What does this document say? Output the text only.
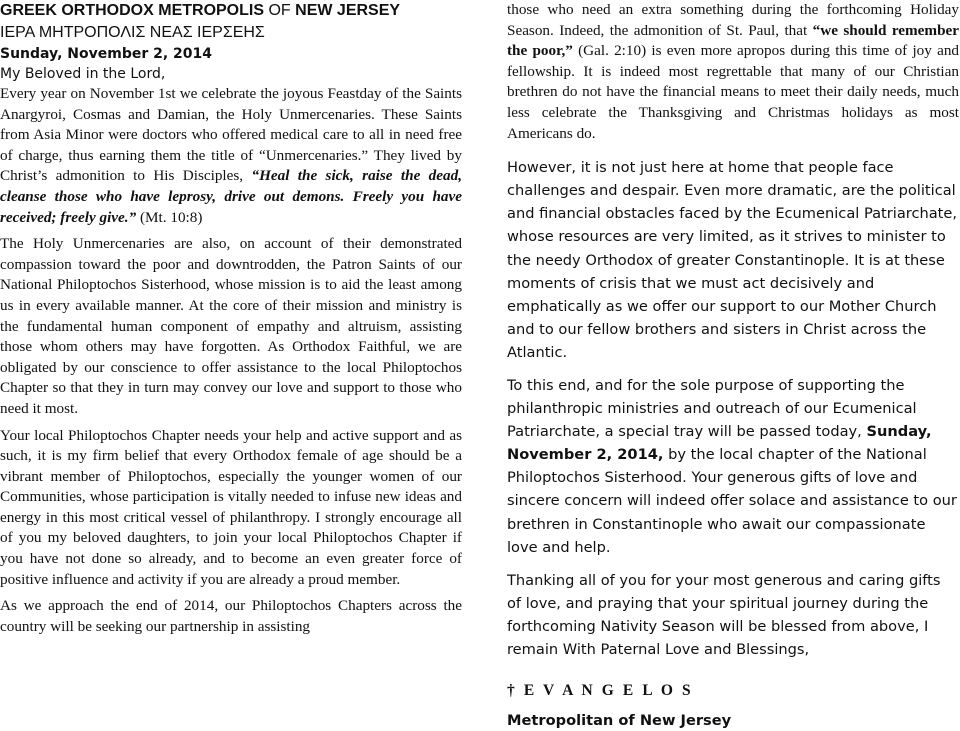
GREEK ORTHODOX METROPOLIS OF NEW JERSEY
ΙΕΡΑ ΜΗΤΡΟΠΟΛΙΣ ΝΕΑΣ ΙΕΡΣΕΗΣ
Sunday, November 2, 2014
My Beloved in the Lord,

Every year on November 1st we celebrate the joyous Feastday of the Saints Anargyroi, Cosmas and Damian, the Holy Unmercenaries. These Saints from Asia Minor were doctors who offered medical care to all in need free of charge, thus earning them the title of “Unmercenaries.” They lived by Christ’s admonition to His Disciples, “Heal the sick, raise the dead, cleanse those who have leprosy, drive out demons. Freely you have received; freely give.” (Mt. 10:8)

The Holy Unmercenaries are also, on account of their demonstrated compassion toward the poor and downtrodden, the Patron Saints of our National Philoptochos Sisterhood, whose mission is to aid the least among us in every available manner. At the core of their mission and ministry is the fundamental human component of empathy and altruism, assisting those whom others may have forgotten. As Orthodox Faithful, we are obligated by our conscience to offer assistance to the local Philoptochos Chapter so that they in turn may convey our love and support to those who need it most.

Your local Philoptochos Chapter needs your help and active support and as such, it is my firm belief that every Orthodox female of age should be a vibrant member of Philoptochos, especially the younger women of our Communities, whose participation is vitally needed to infuse new ideas and energy in this most critical vessel of philanthropy. I strongly encourage all of you my beloved daughters, to join your local Philoptochos Chapter if you have not done so already, and to become an even greater force of positive influence and activity if you are already a proud member.

As we approach the end of 2014, our Philoptochos Chapters across the country will be seeking our partnership in assisting

those who need an extra something during the forthcoming Holiday Season. Indeed, the admonition of St. Paul, that “we should remember the poor,” (Gal. 2:10) is even more apropos during this time of joy and fellowship. It is indeed most regrettable that many of our Christian brethren do not have the financial means to meet their daily needs, much less celebrate the Thanksgiving and Christmas holidays as most Americans do.

However, it is not just here at home that people face challenges and despair. Even more dramatic, are the political and financial obstacles faced by the Ecumenical Patriarchate, whose resources are very limited, as it strives to minister to the needy Orthodox of greater Constantinople. It is at these moments of crisis that we must act decisively and emphatically as we offer our support to our Mother Church and to our fellow brothers and sisters in Christ across the Atlantic.

To this end, and for the sole purpose of supporting the philanthropic ministries and outreach of our Ecumenical Patriarchate, a special tray will be passed today, Sunday, November 2, 2014, by the local chapter of the National Philoptochos Sisterhood. Your generous gifts of love and sincere concern will indeed offer solace and assistance to our brethren in Constantinople who await our compassionate love and help.

Thanking all of you for your most generous and caring gifts of love, and praying that your spiritual journey during the forthcoming Nativity Season will be blessed from above, I remain With Paternal Love and Blessings,

† E V A N G E L O S
Metropolitan of New Jersey
